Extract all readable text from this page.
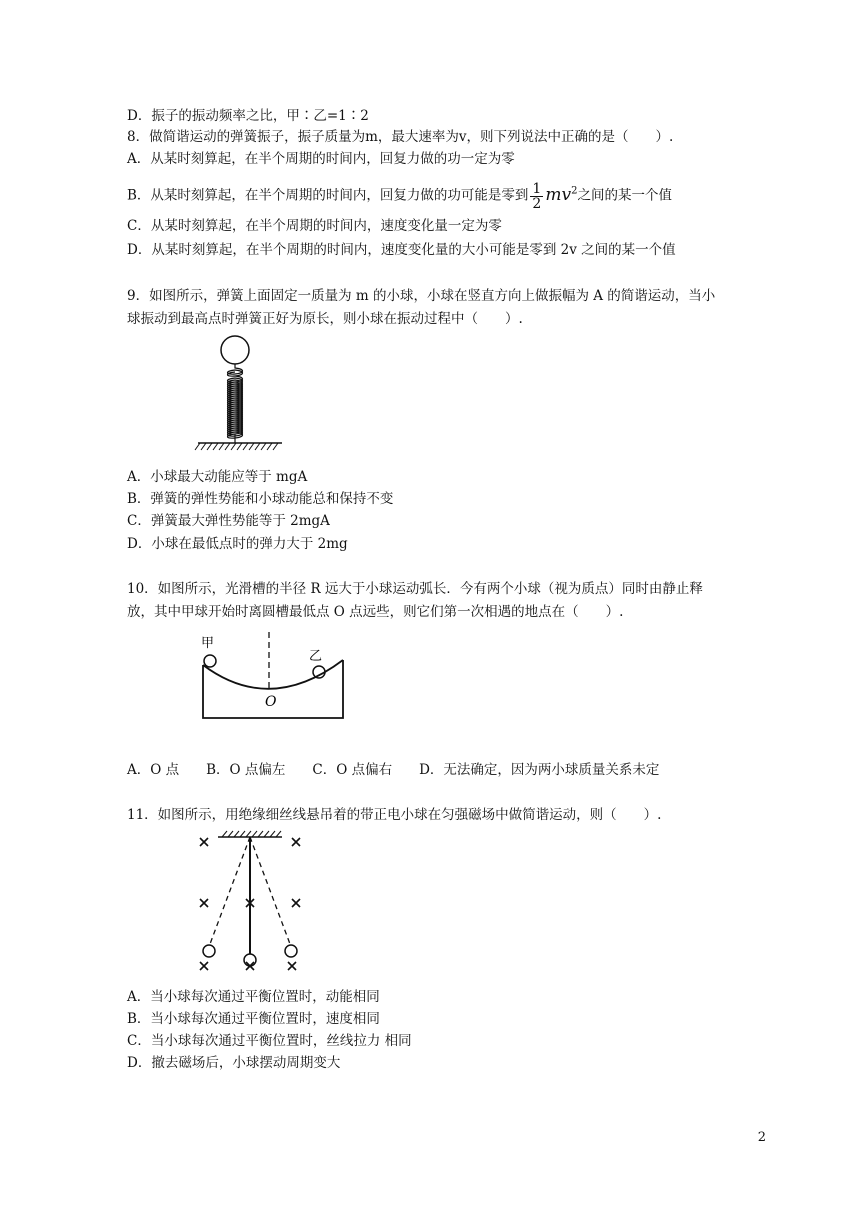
D．振子的振动频率之比，甲∶乙=1∶2
8．做简谐运动的弹簧振子，振子质量为m，最大速率为v，则下列说法中正确的是（　　）.
A．从某时刻算起，在半个周期的时间内，回复力做的功一定为零
B．从某时刻算起，在半个周期的时间内，回复力做的功可能是零到 $\frac{1}{2} mv^2$之间的某一个值
C．从某时刻算起，在半个周期的时间内，速度变化量一定为零
D．从某时刻算起，在半个周期的时间内，速度变化量的大小可能是零到 2v 之间的某一个值
9．如图所示，弹簧上面固定一质量为 m 的小球，小球在竖直方向上做振幅为 A 的简谐运动，当小
球振动到最高点时弹簧正好为原长，则小球在振动过程中（　　）.
A．小球最大动能应等于 mgA
B．弹簧的弹性势能和小球动能总和保持不变
C．弹簧最大弹性势能等于 2mgA
D．小球在最低点时的弹力大于 2mg
10．如图所示，光滑槽的半径 R 远大于小球运动弧长．今有两个小球（视为质点）同时由静止释
放，其中甲球开始时离圆槽最低点 O 点远些，则它们第一次相遇的地点在（　　）.
甲
乙
O
A．O 点　　B．O 点偏左　　C．O 点偏右　　D．无法确定，因为两小球质量关系未定
11．如图所示，用绝缘细丝线悬吊着的带正电小球在匀强磁场中做简谐运动，则（　　）.
A．当小球每次通过平衡位置时，动能相同
B．当小球每次通过平衡位置时，速度相同
C．当小球每次通过平衡位置时，丝线拉力 相同
D．撤去磁场后，小球摆动周期变大
2
